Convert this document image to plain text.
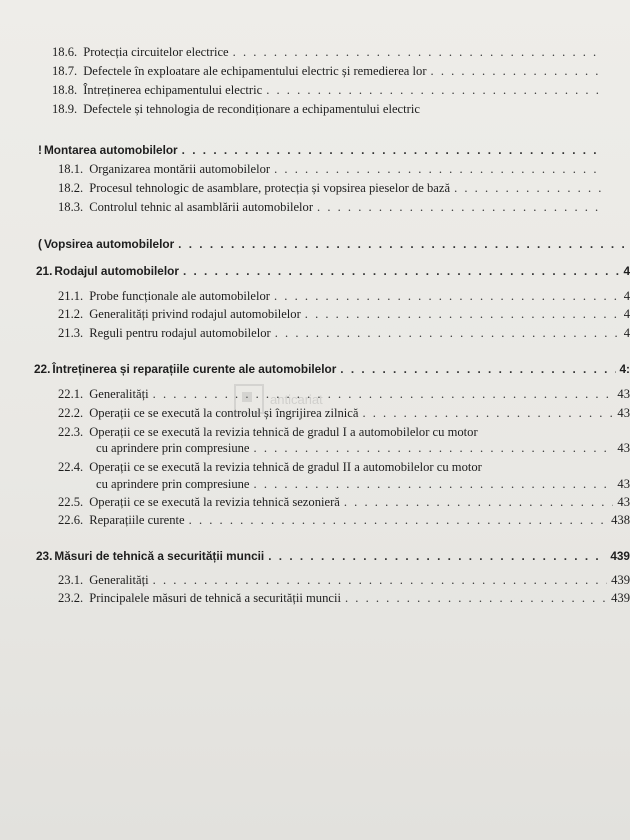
18.6. Protecția circuitelor electrice
. . .
18.7. Defectele în exploatare ale echipamentului electric și remedierea lor
. . .
18.8. Întreținerea echipamentului electric
. . .
18.9. Defectele și tehnologia de recondiționare a echipamentului electric
! Montarea automobilelor
. . .
18.1. Organizarea montării automobilelor
. . .
18.2. Procesul tehnologic de asamblare, protecția și vopsirea pieselor de bază
. . .
18.3. Controlul tehnic al asamblării automobilelor
. . .
( Vopsirea automobilelor
. . .
21. Rodajul automobilelor . . .	4
21.1. Probe funcționale ale automobilelor . . .	4
21.2. Generalități privind rodajul automobilelor . . .	4
21.3. Reguli pentru rodajul automobilelor . . .	4
22. Întreținerea și reparațiile curente ale automobilelor . . .	4:
22.1. Generalități . . .	43
22.2. Operații ce se execută la controlul și îngrijirea zilnică . . .	43
22.3. Operații ce se execută la revizia tehnică de gradul I a automobilelor cu motor
cu aprindere prin compresiune . . .	43
22.4. Operații ce se execută la revizia tehnică de gradul II a automobilelor cu motor
cu aprindere prin compresiune . . .	43
22.5. Operații ce se execută la revizia tehnică sezonieră . . .	43
22.6. Reparațiile curente . . .	438
23. Măsuri de tehnică a securității muncii . . .	439
23.1. Generalități . . .	439
23.2. Principalele măsuri de tehnică a securității muncii . . .	439
anticariat
